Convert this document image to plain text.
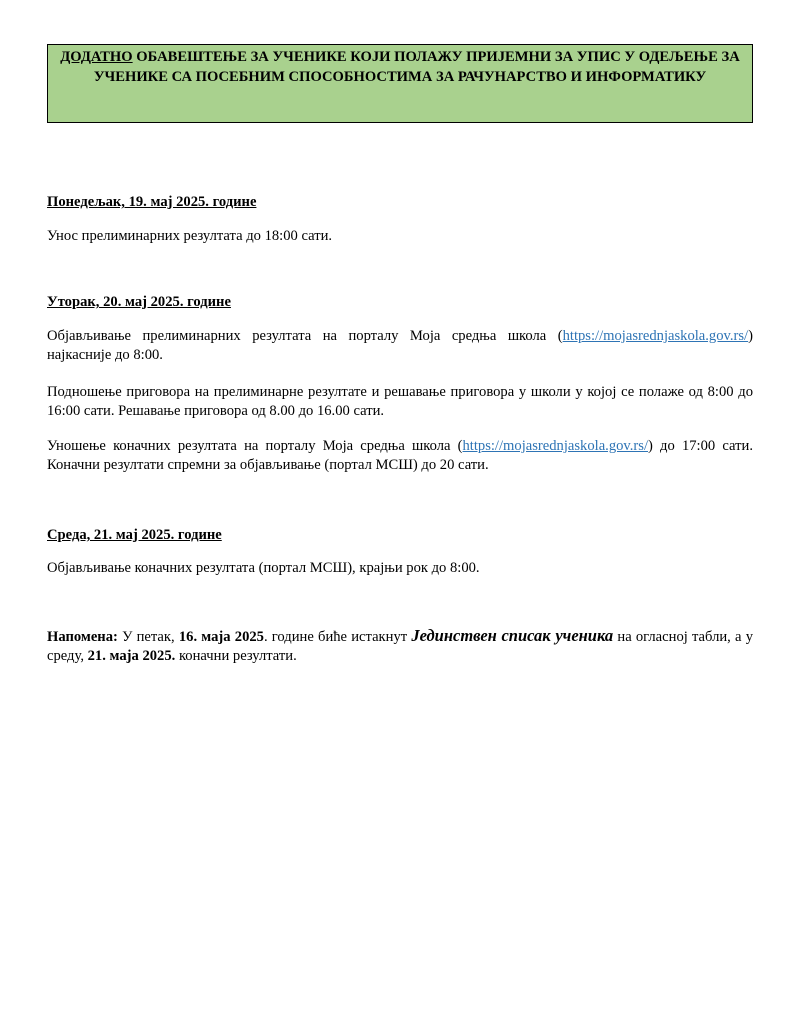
ДОДАТНО ОБАВЕШТЕЊЕ ЗА УЧЕНИКЕ КОЈИ ПОЛАЖУ ПРИЈЕМНИ ЗА УПИС У ОДЕЉЕЊЕ ЗА УЧЕНИКЕ СА ПОСЕБНИМ СПОСОБНОСТИМА ЗА РАЧУНАРСТВО И ИНФОРМАТИКУ

Понедељак, 19. мај 2025. године

Унос прелиминарних резултата до 18:00 сати.

Уторак, 20. мај 2025. године

Објављивање прелиминарних резултата на порталу Моја средња школа (https://mojasrednjaskola.gov.rs/) најкасније до 8:00.

Подношење приговора на прелиминарне резултате и решавање приговора у школи у којој се полаже од 8:00 до 16:00 сати. Решавање приговора од 8.00 до 16.00 сати.

Уношење коначних резултата на порталу Моја средња школа (https://mojasrednjaskola.gov.rs/) до 17:00 сати. Коначни резултати спремни за објављивање (портал МСШ) до 20 сати.

Среда, 21. мај 2025. године

Објављивање коначних резултата (портал МСШ), крајњи рок до 8:00.

Напомена: У петак, 16. маја 2025. године биће истакнут Јединствен списак ученика на огласној табли, а у среду, 21. маја 2025. коначни резултати.
